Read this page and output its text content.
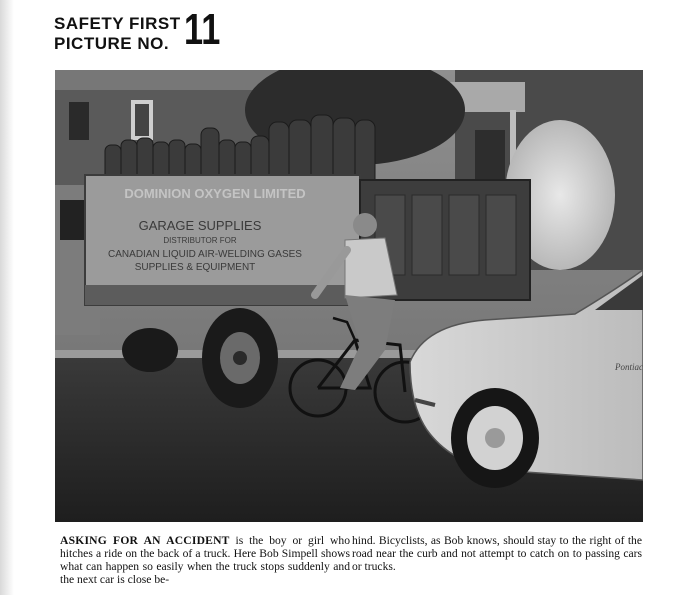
SAFETY FIRST
PICTURE NO. 11
DOMINION OXYGEN LIMITED
GARAGE SUPPLIES
DISTRIBUTOR FOR
CANADIAN LIQUID AIR-WELDING GASES
SUPPLIES & EQUIPMENT
Pontiac
ASKING FOR AN ACCIDENT is the boy or girl who hitches a ride on the back of a truck. Here Bob Simpell shows what can happen so easily when the truck stops suddenly and the next car is close be-
hind. Bicyclists, as Bob knows, should stay to the right of the road near the curb and not attempt to catch on to passing cars or trucks.
